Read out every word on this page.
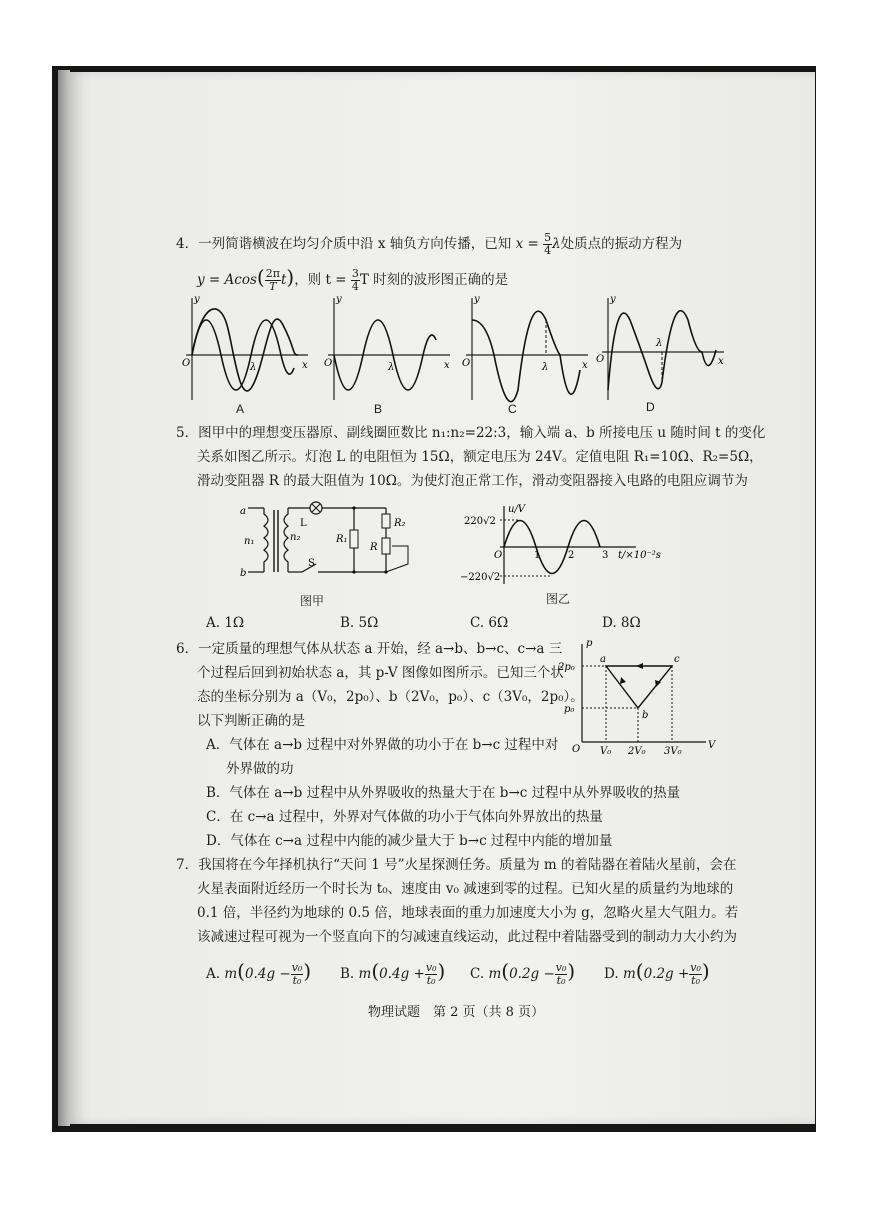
4．一列简谐横波在均匀介质中沿 x 轴负方向传播，已知 $x = \frac{5}{4}$ λ处质点的振动方程为
$y = Acos( \frac{2\pi}{T} t)$，则 $t = \frac{3}{4}$ T 时刻的波形图正确的是
y
x
O	λ
y
x
O	λ
y
x
O	λ
y
x
O
λ
A	B	C	D
5．图甲中的理想变压器原、副线圈匝数比 n₁:n₂=22:3，输入端 a、b 所接电压 u 随时间 t 的变化
关系如图乙所示。灯泡 L 的电阻恒为 15Ω，额定电压为 24V。定值电阻 R₁=10Ω、R₂=5Ω，
滑动变阻器 R 的最大阻值为 10Ω。为使灯泡正常工作，滑动变阻器接入电路的电阻应调节为
a
b
n₁	n₂
L
S
R₁
R₂
R
图甲
u/V
220√2
−220√2
O	1	2	3 t/×10⁻²s
图乙
A. 1Ω	B. 5Ω	C. 6Ω	D. 8Ω
6．一定质量的理想气体从状态 a 开始，经 a→b、b→c、c→a 三
个过程后回到初始状态 a，其 p-V 图像如图所示。已知三个状
态的坐标分别为 a（V₀，2p₀）、b（2V₀，p₀）、c（3V₀，2p₀）。
以下判断正确的是
A．气体在 a→b 过程中对外界做的功小于在 b→c 过程中对
外界做的功
B．气体在 a→b 过程中从外界吸收的热量大于在 b→c 过程中从外界吸收的热量
C．在 c→a 过程中，外界对气体做的功小于气体向外界放出的热量
D．气体在 c→a 过程中内能的减少量大于 b→c 过程中内能的增加量
p
V
O
2p₀
p₀
V₀ 2V₀ 3V₀
a
b
c
7．我国将在今年择机执行“天问 1 号”火星探测任务。质量为 m 的着陆器在着陆火星前，会在
火星表面附近经历一个时长为 t₀、速度由 v₀ 减速到零的过程。已知火星的质量约为地球的
0.1 倍，半径约为地球的 0.5 倍，地球表面的重力加速度大小为 g，忽略火星大气阻力。若
该减速过程可视为一个竖直向下的匀减速直线运动，此过程中着陆器受到的制动力大小约为
A. $m(0.4g - \frac{\text{v₀}}{\text{t₀}}$ ) B. $m(0.4g + \frac{\text{v₀}}{\text{t₀}}$ ) C. $m(0.2g - \frac{\text{v₀}}{\text{t₀}}$ ) D. $m(0.2g + \frac{\text{v₀}}{\text{t₀}}$ )
物理试题　第 2 页（共 8 页）
